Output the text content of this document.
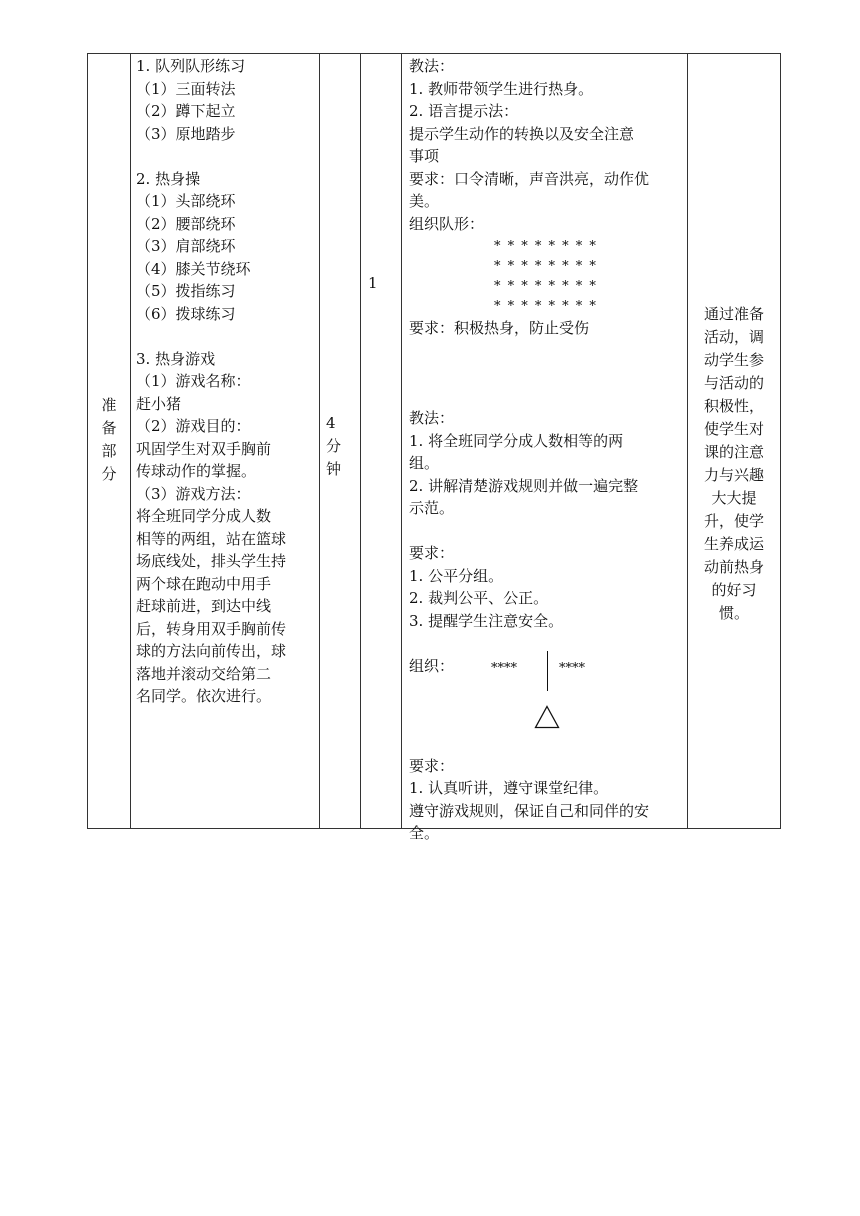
准
备
部
分
1. 队列队形练习
（1）三面转法
（2）蹲下起立
（3）原地踏步
2. 热身操
（1）头部绕环
（2）腰部绕环
（3）肩部绕环
（4）膝关节绕环
（5）拨指练习
（6）拨球练习
3. 热身游戏
（1）游戏名称：
赶小猪
（2）游戏目的：
巩固学生对双手胸前
传球动作的掌握。
（3）游戏方法：
将全班同学分成人数
相等的两组，站在篮球
场底线处，排头学生持
两个球在跑动中用手
赶球前进，到达中线
后，转身用双手胸前传
球的方法向前传出，球
落地并滚动交给第二
名同学。依次进行。
4
分
钟
1
教法：
1. 教师带领学生进行热身。
2. 语言提示法：
提示学生动作的转换以及安全注意
事项
要求：口令清晰，声音洪亮，动作优
美。
组织队形：
* * * * * * * *
* * * * * * * *
* * * * * * * *
* * * * * * * *
要求：积极热身，防止受伤
教法：
1. 将全班同学分成人数相等的两
组。
2. 讲解清楚游戏规则并做一遍完整
示范。
要求：
1. 公平分组。
2. 裁判公平、公正。
3. 提醒学生注意安全。
组织：	****	****
要求：
1. 认真听讲，遵守课堂纪律。
遵守游戏规则，保证自己和同伴的安
全。
通过准备
活动，调
动学生参
与活动的
积极性，
使学生对
课的注意
力与兴趣
大大提
升，使学
生养成运
动前热身
的好习
惯。
